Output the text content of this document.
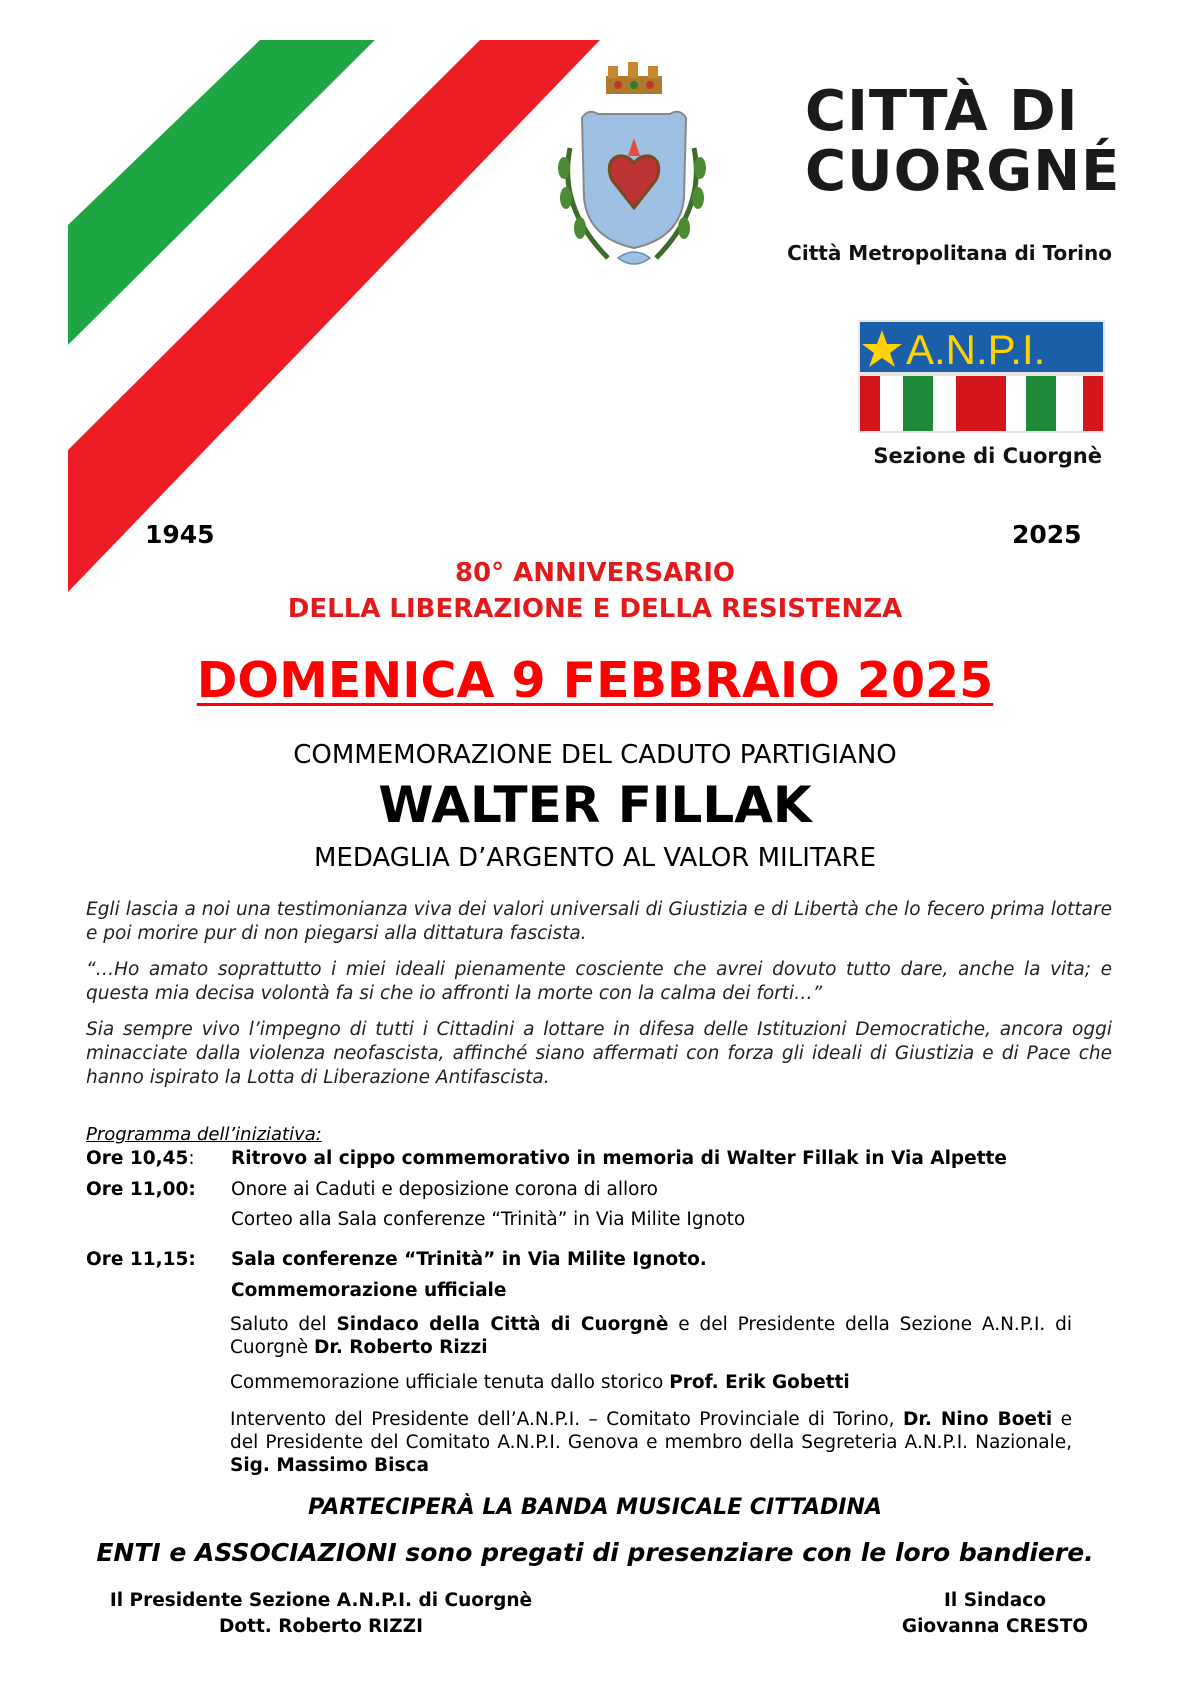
CITTÀ DI
CUORGNÉ
Città Metropolitana di Torino
A.N.P.I.
Sezione di Cuorgnè
1945	2025
80° ANNIVERSARIO
DELLA LIBERAZIONE E DELLA RESISTENZA
DOMENICA 9 FEBBRAIO 2025
COMMEMORAZIONE DEL CADUTO PARTIGIANO
WALTER FILLAK
MEDAGLIA D’ARGENTO AL VALOR MILITARE
Egli lascia a noi una testimonianza viva dei valori universali di Giustizia e di Libertà che lo fecero prima lottare e poi morire pur di non piegarsi alla dittatura fascista.
“…Ho amato soprattutto i miei ideali pienamente cosciente che avrei dovuto tutto dare, anche la vita; e questa mia decisa volontà fa si che io affronti la morte con la calma dei forti…”
Sia sempre vivo l’impegno di tutti i Cittadini a lottare in difesa delle Istituzioni Democratiche, ancora oggi minacciate dalla violenza neofascista, affinché siano affermati con forza gli ideali di Giustizia e di Pace che hanno ispirato la Lotta di Liberazione Antifascista.
Programma dell’iniziativa:
Ore 10,45: Ritrovo al cippo commemorativo in memoria di Walter Fillak in Via Alpette
Ore 11,00: Onore ai Caduti e deposizione corona di alloro
Corteo alla Sala conferenze “Trinità” in Via Milite Ignoto
Ore 11,15: Sala conferenze “Trinità” in Via Milite Ignoto.
Commemorazione ufficiale
Saluto del Sindaco della Città di Cuorgnè e del Presidente della Sezione A.N.P.I. di Cuorgnè Dr. Roberto Rizzi
Commemorazione ufficiale tenuta dallo storico Prof. Erik Gobetti
Intervento del Presidente dell’A.N.P.I. – Comitato Provinciale di Torino, Dr. Nino Boeti e del Presidente del Comitato A.N.P.I. Genova e membro della Segreteria A.N.P.I. Nazionale, Sig. Massimo Bisca
PARTECIPERÀ LA BANDA MUSICALE CITTADINA
ENTI e ASSOCIAZIONI sono pregati di presenziare con le loro bandiere.
Il Presidente Sezione A.N.P.I. di Cuorgnè
Dott. Roberto RIZZI
Il Sindaco
Giovanna CRESTO
